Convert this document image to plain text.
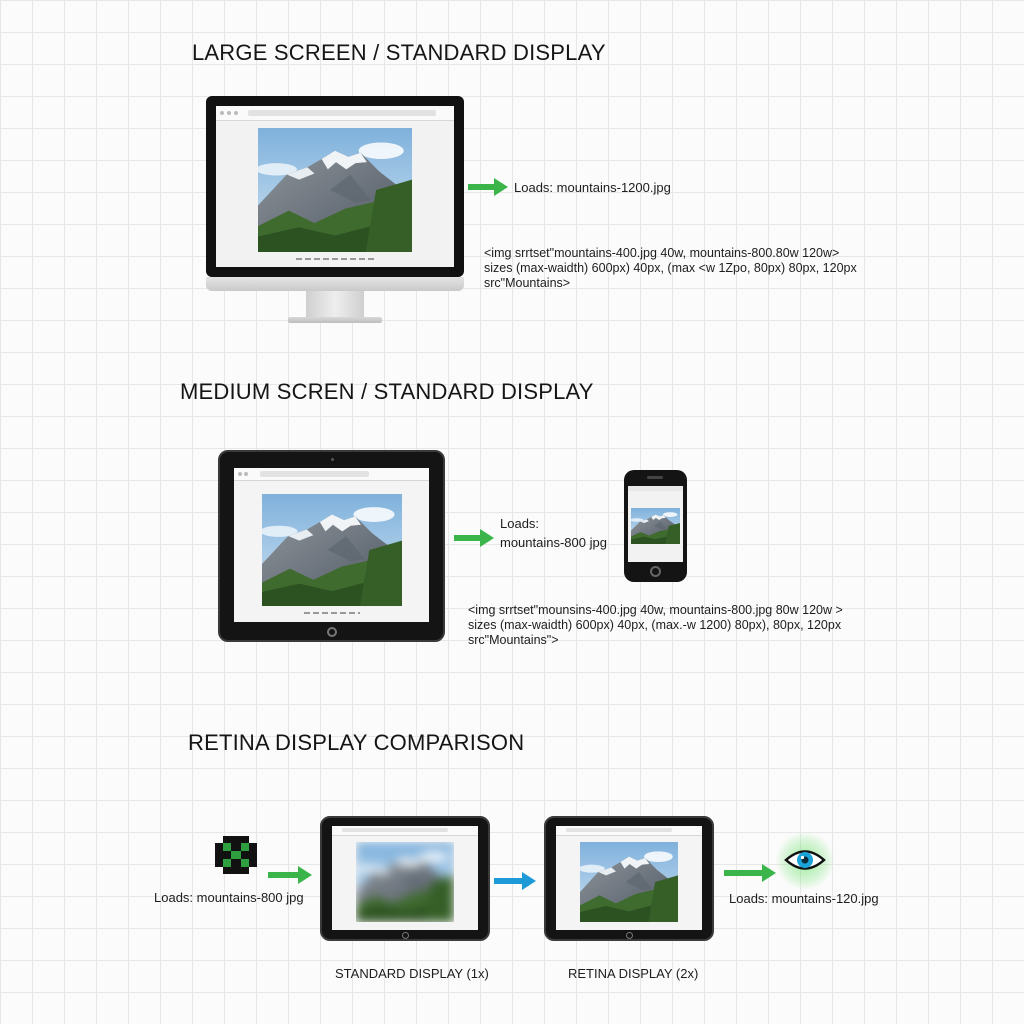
LARGE SCREEN / STANDARD DISPLAY
Loads: mountains-1200.jpg
<img srrtset"mountains-400.jpg 40w, mountains-800.80w 120w>
sizes (max-waidth) 600px) 40px, (max <w 1Zpo, 80px) 80px, 120px
src"Mountains>
MEDIUM SCREN / STANDARD DISPLAY
Loads:
mountains-800 jpg
<img srrtset"mounsins-400.jpg 40w, mountains-800.jpg 80w 120w >
sizes (max-waidth) 600px) 40px, (max.-w 1200) 80px), 80px, 120px
src"Mountains">
RETINA DISPLAY COMPARISON
Loads: mountains-800 jpg	Loads: mountains-120.jpg
STANDARD DISPLAY (1x)	RETINA DISPLAY (2x)
